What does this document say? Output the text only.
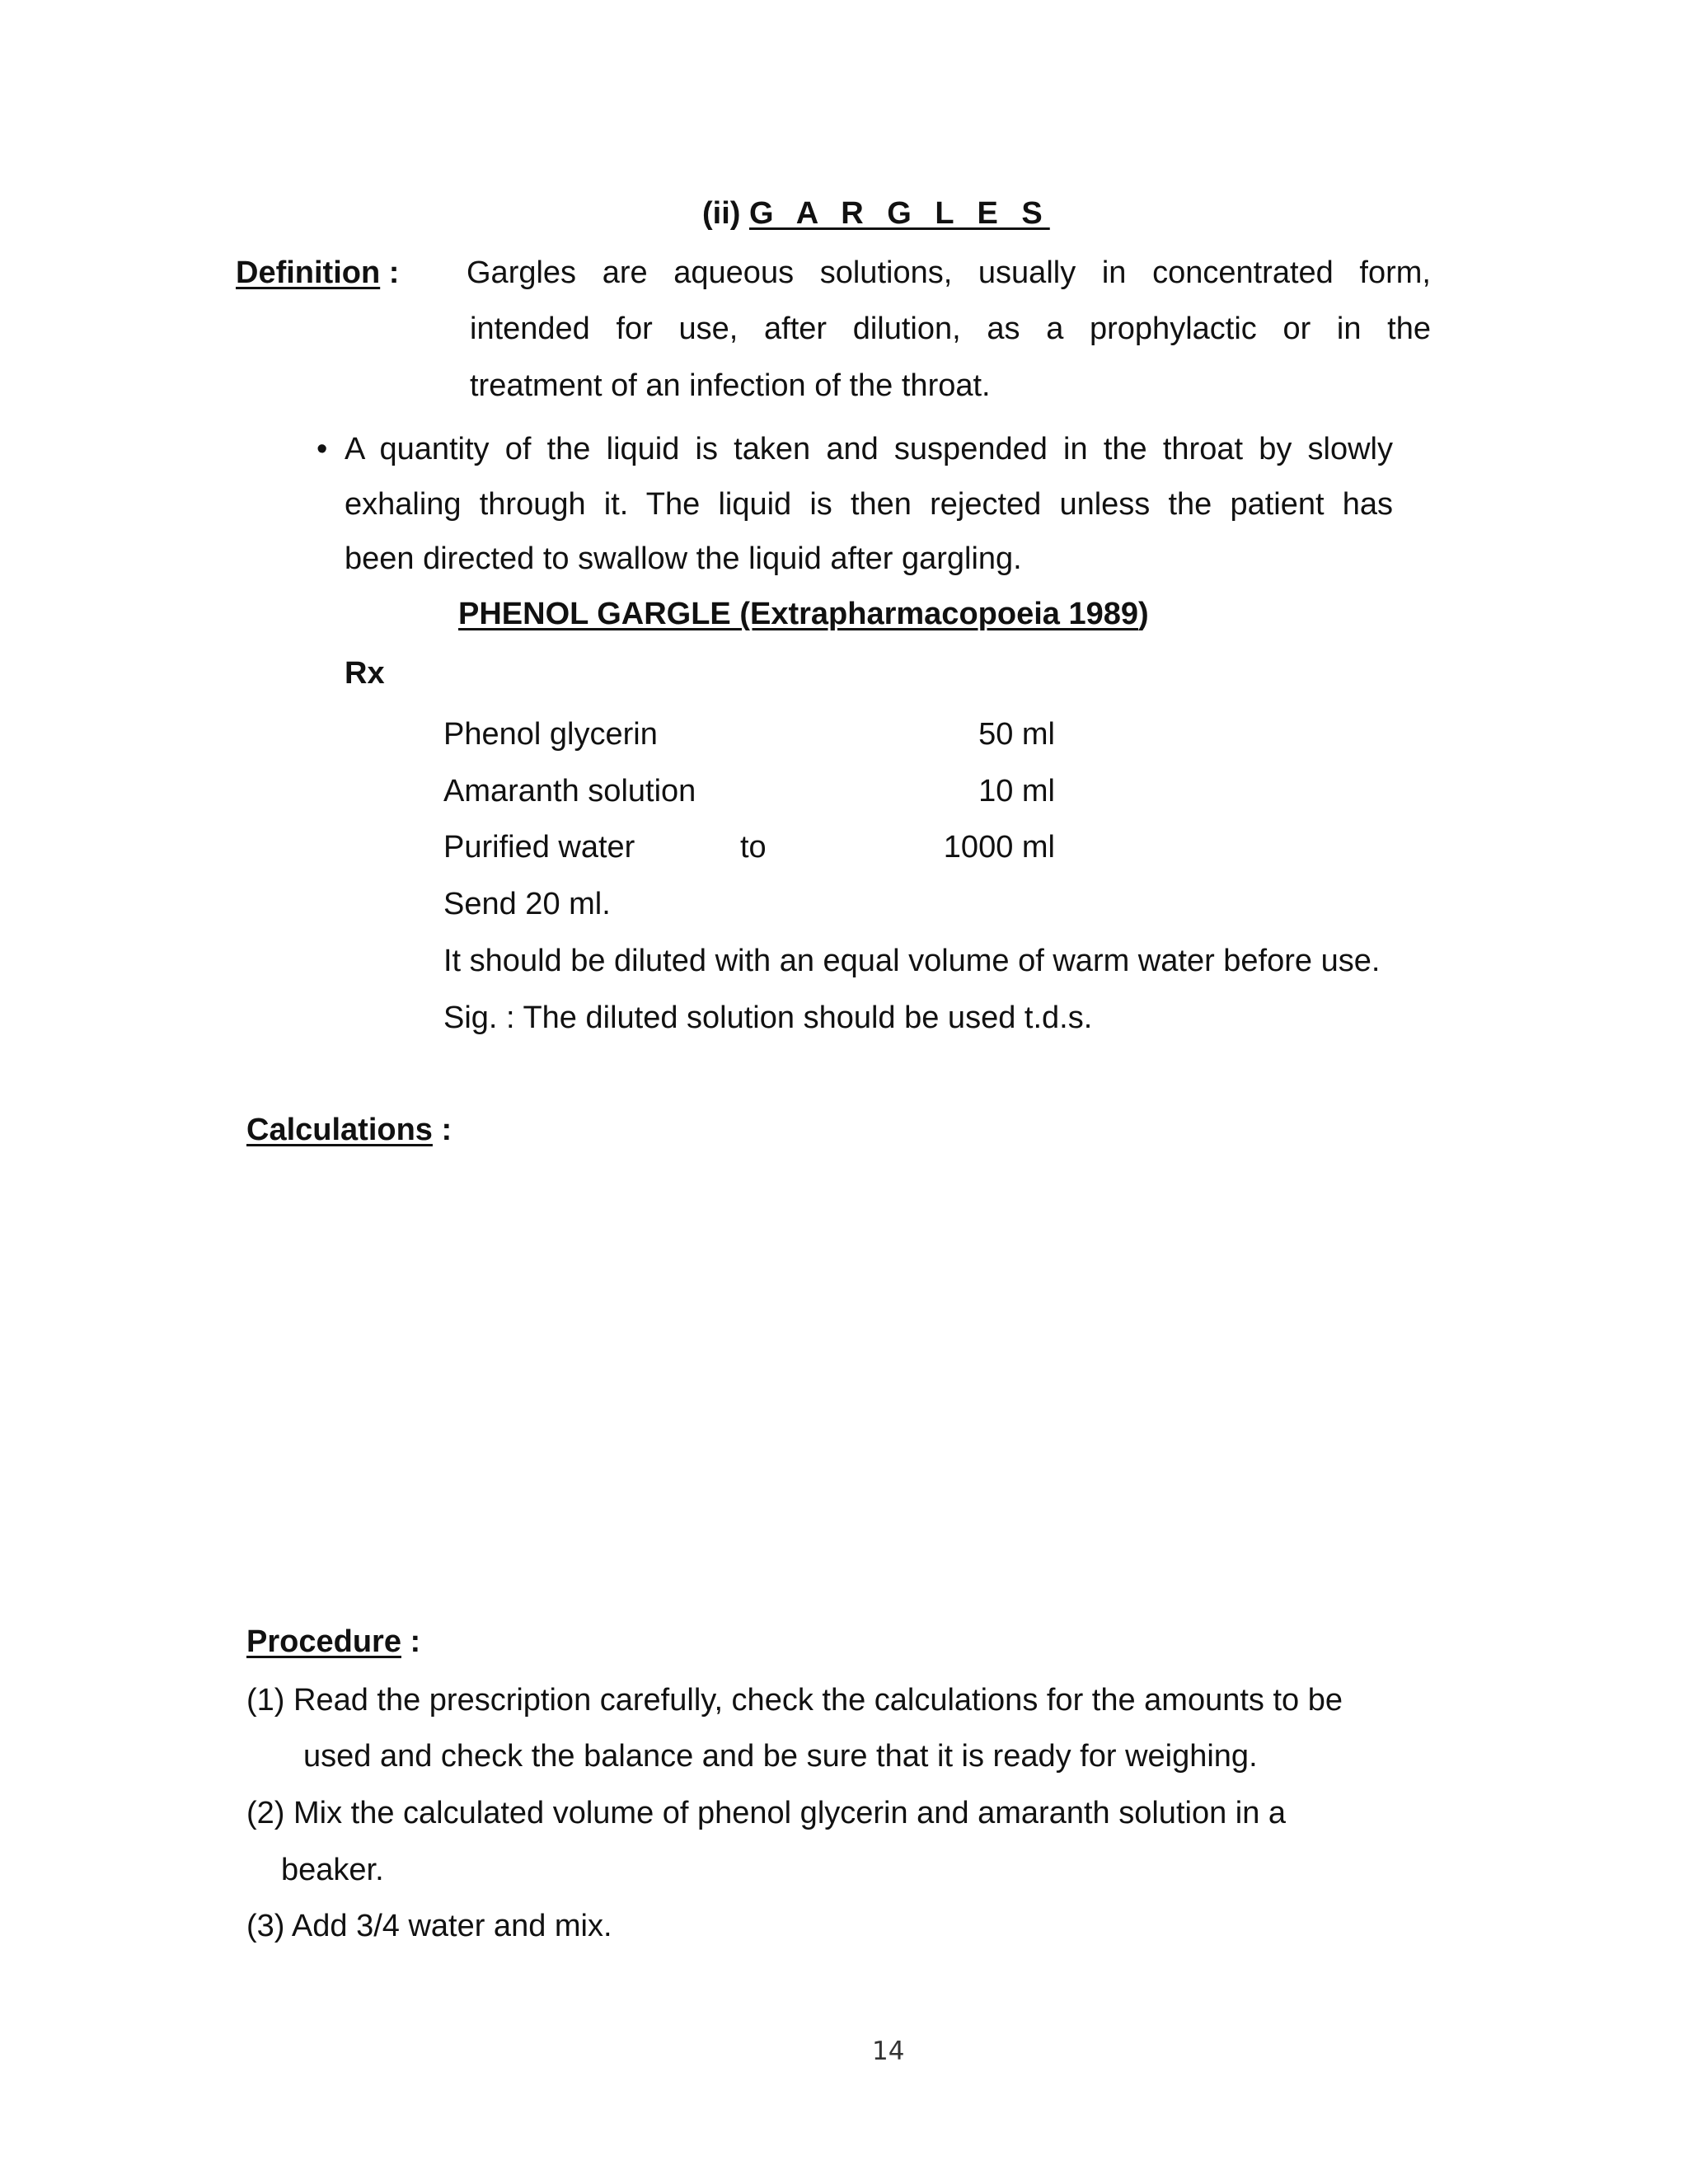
(ii) G A R G L E S
Definition : Gargles are aqueous solutions, usually in concentrated form,
intended for use, after dilution, as a prophylactic or in the
treatment of an infection of the throat.
• A quantity of the liquid is taken and suspended in the throat by slowly
exhaling through it. The liquid is then rejected unless the patient has
been directed to swallow the liquid after gargling.
PHENOL GARGLE (Extrapharmacopoeia 1989)
Rx
Phenol glycerin	50 ml
Amaranth solution	10 ml
Purified water	to	1000 ml
Send 20 ml.
It should be diluted with an equal volume of warm water before use.
Sig. : The diluted solution should be used t.d.s.
Calculations :
Procedure :
(1) Read the prescription carefully, check the calculations for the amounts to be
used and check the balance and be sure that it is ready for weighing.
(2) Mix the calculated volume of phenol glycerin and amaranth solution in a
beaker.
(3) Add 3/4 water and mix.
14
